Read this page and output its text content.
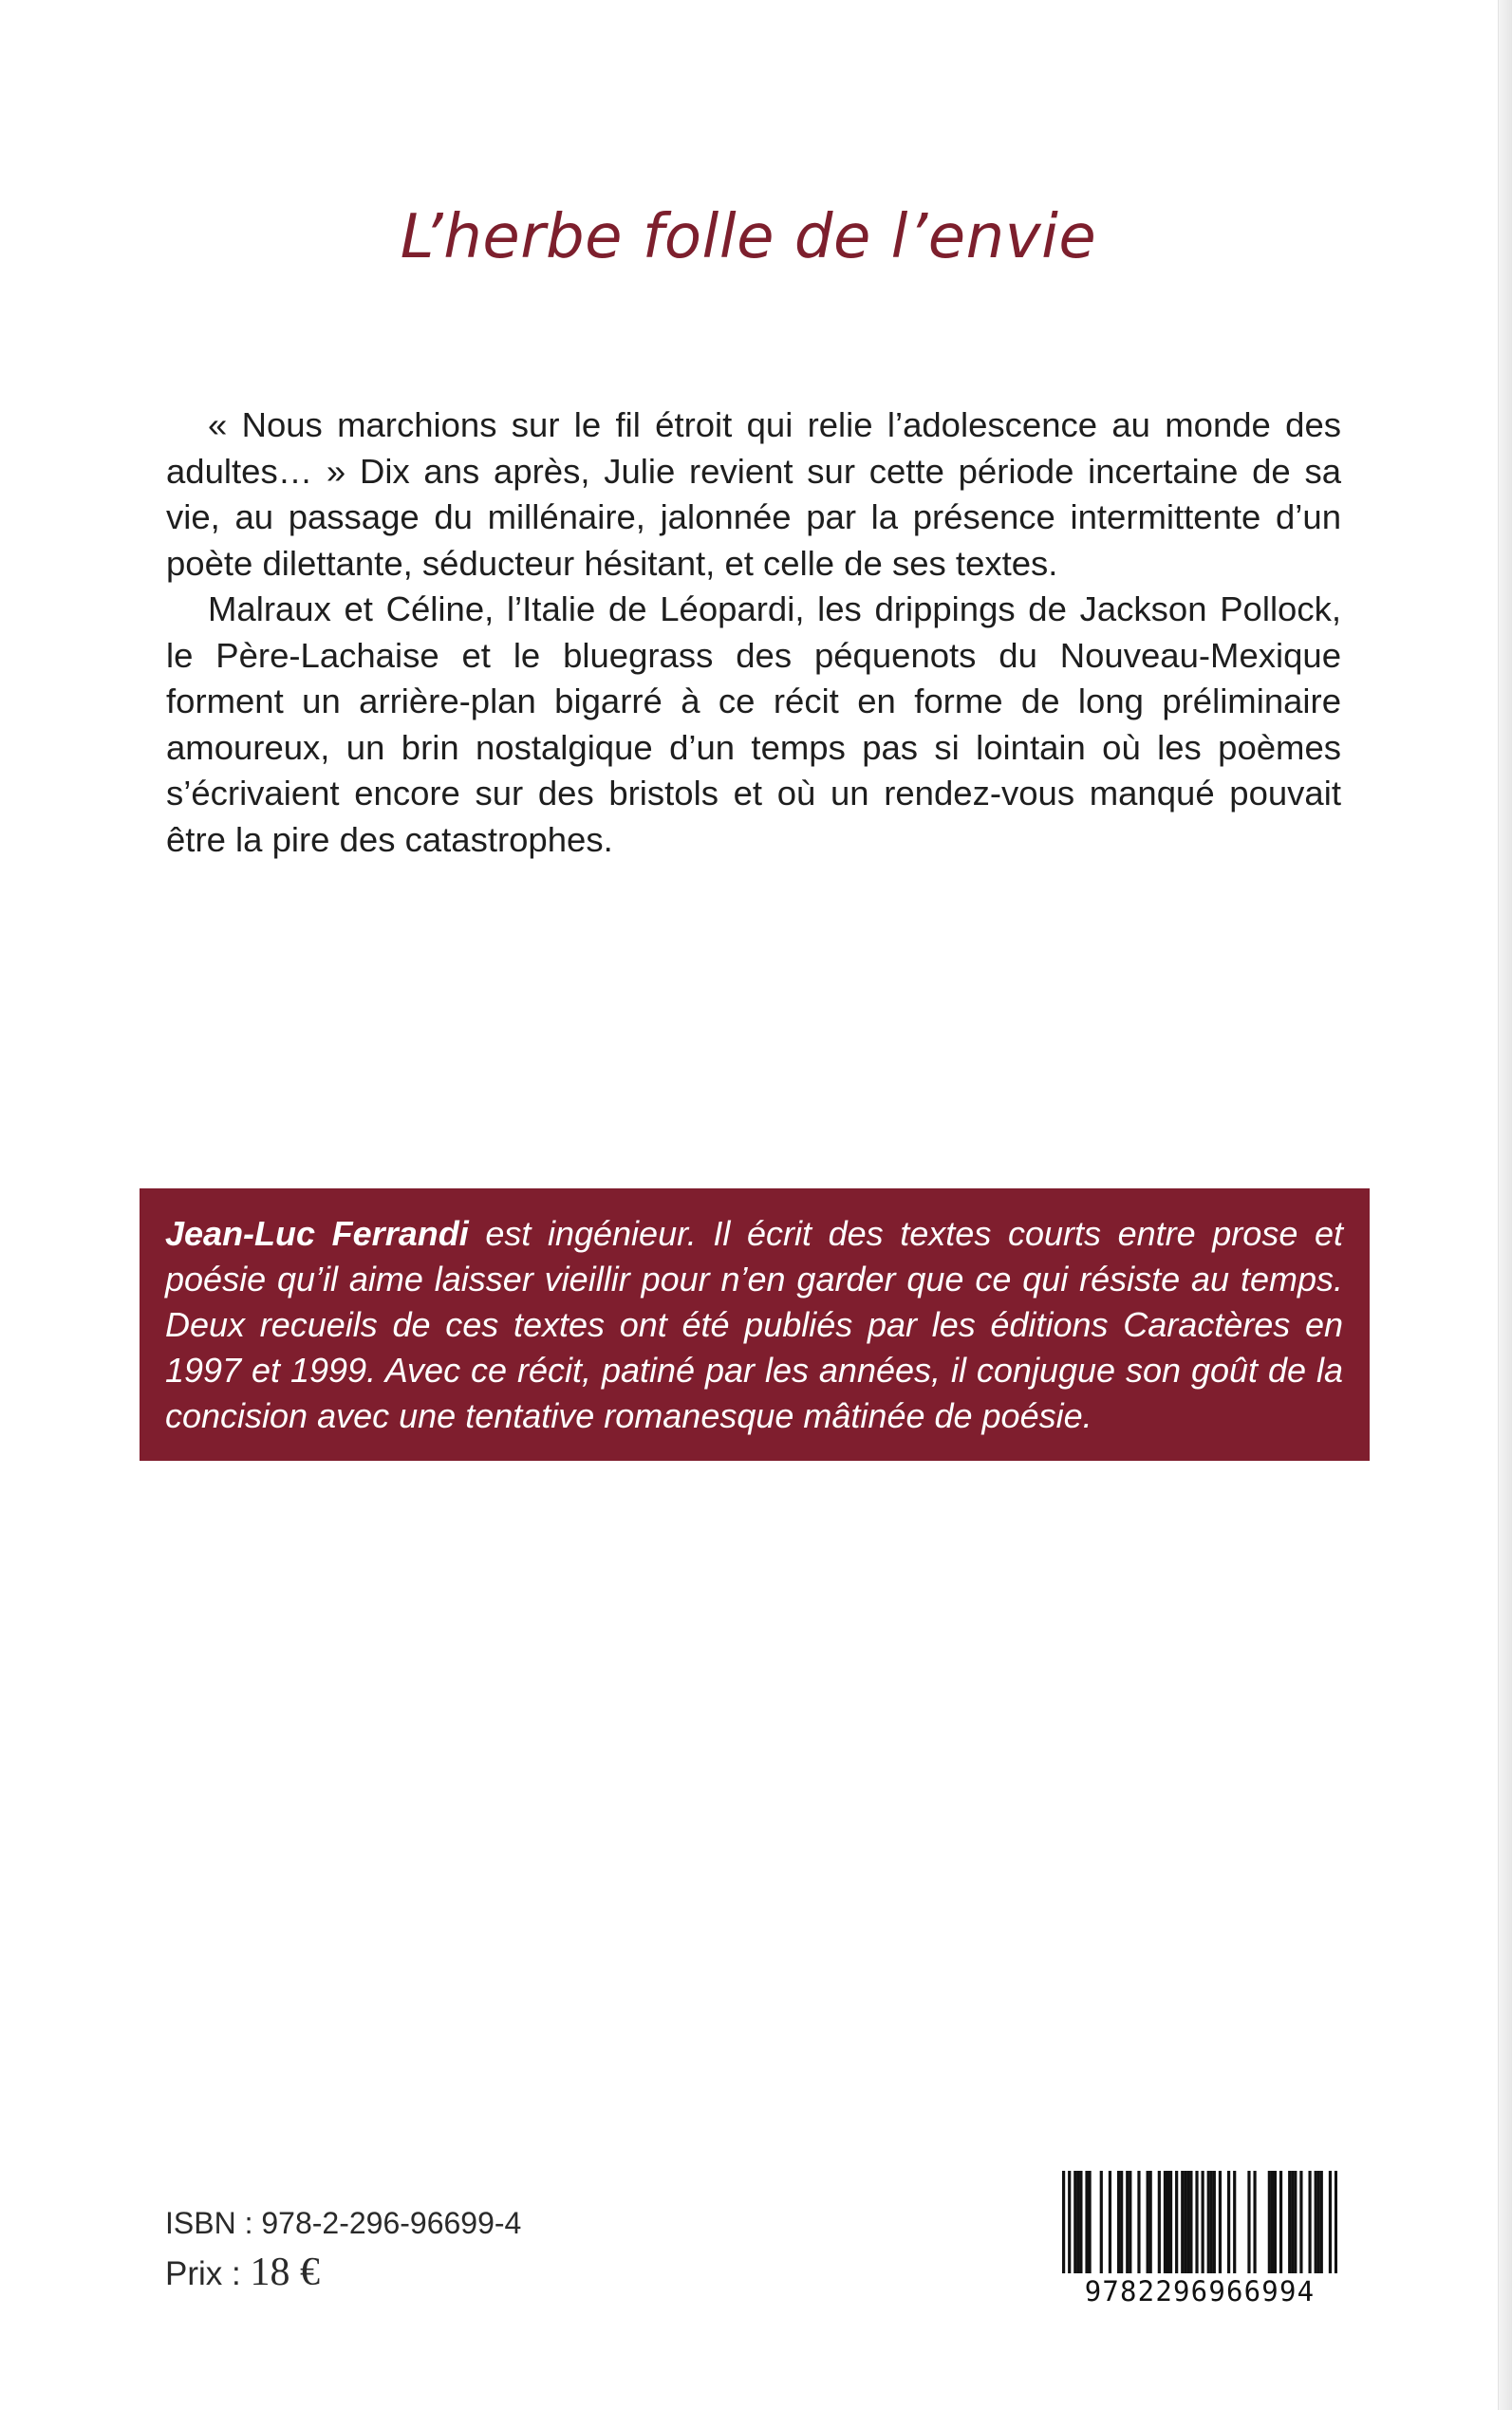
L’herbe folle de l’envie

« Nous marchions sur le fil étroit qui relie l’adolescence au monde des adultes… » Dix ans après, Julie revient sur cette période incertaine de sa vie, au passage du millénaire, jalonnée par la présence intermittente d’un poète dilettante, séducteur hésitant, et celle de ses textes.

Malraux et Céline, l’Italie de Léopardi, les drippings de Jackson Pollock, le Père-Lachaise et le bluegrass des péquenots du Nouveau-Mexique forment un arrière-plan bigarré à ce récit en forme de long préliminaire amoureux, un brin nostalgique d’un temps pas si lointain où les poèmes s’écrivaient encore sur des bristols et où un rendez-vous manqué pouvait être la pire des catastrophes.

Jean-Luc Ferrandi est ingénieur. Il écrit des textes courts entre prose et poésie qu’il aime laisser vieillir pour n’en garder que ce qui résiste au temps. Deux recueils de ces textes ont été publiés par les éditions Caractères en 1997 et 1999. Avec ce récit, patiné par les années, il conjugue son goût de la concision avec une tentative romanesque mâtinée de poésie.

ISBN : 978-2-296-96699-4
Prix : 18 €	9782296966994
